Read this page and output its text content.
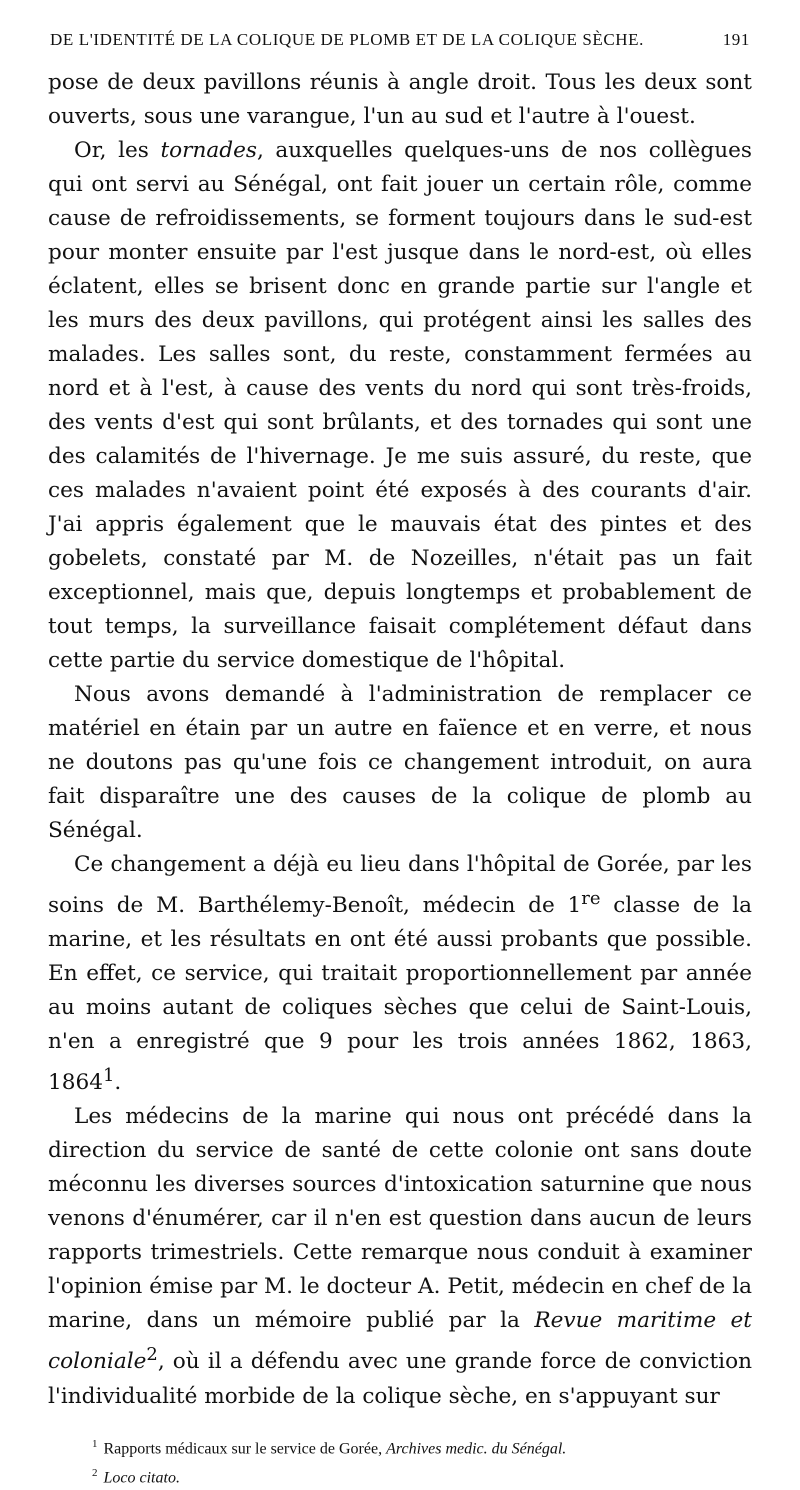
DE L'IDENTITÉ DE LA COLIQUE DE PLOMB ET DE LA COLIQUE SÈCHE.	191

pose de deux pavillons réunis à angle droit. Tous les deux sont ouverts, sous une varangue, l'un au sud et l'autre à l'ouest.

Or, les tornades, auxquelles quelques-uns de nos collègues qui ont servi au Sénégal, ont fait jouer un certain rôle, comme cause de refroidissements, se forment toujours dans le sud-est pour monter ensuite par l'est jusque dans le nord-est, où elles éclatent, elles se brisent donc en grande partie sur l'angle et les murs des deux pavillons, qui protégent ainsi les salles des malades. Les salles sont, du reste, constamment fermées au nord et à l'est, à cause des vents du nord qui sont très-froids, des vents d'est qui sont brûlants, et des tornades qui sont une des calamités de l'hivernage. Je me suis assuré, du reste, que ces malades n'avaient point été exposés à des courants d'air. J'ai appris également que le mauvais état des pintes et des gobelets, constaté par M. de Nozeilles, n'était pas un fait exceptionnel, mais que, depuis longtemps et probablement de tout temps, la surveillance faisait complétement défaut dans cette partie du service domestique de l'hôpital.

Nous avons demandé à l'administration de remplacer ce matériel en étain par un autre en faïence et en verre, et nous ne doutons pas qu'une fois ce changement introduit, on aura fait disparaître une des causes de la colique de plomb au Sénégal.

Ce changement a déjà eu lieu dans l'hôpital de Gorée, par les soins de M. Barthélemy-Benoît, médecin de 1re classe de la marine, et les résultats en ont été aussi probants que possible. En effet, ce service, qui traitait proportionnellement par année au moins autant de coliques sèches que celui de Saint-Louis, n'en a enregistré que 9 pour les trois années 1862, 1863, 1864$^1$.

Les médecins de la marine qui nous ont précédé dans la direction du service de santé de cette colonie ont sans doute méconnu les diverses sources d'intoxication saturnine que nous venons d'énumérer, car il n'en est question dans aucun de leurs rapports trimestriels. Cette remarque nous conduit à examiner l'opinion émise par M. le docteur A. Petit, médecin en chef de la marine, dans un mémoire publié par la Revue maritime et coloniale$^2$, où il a défendu avec une grande force de conviction l'individualité morbide de la colique sèche, en s'appuyant sur

$^1$ Rapports médicaux sur le service de Gorée, Archives medic. du Sénégal.
$^2$ Loco citato.
